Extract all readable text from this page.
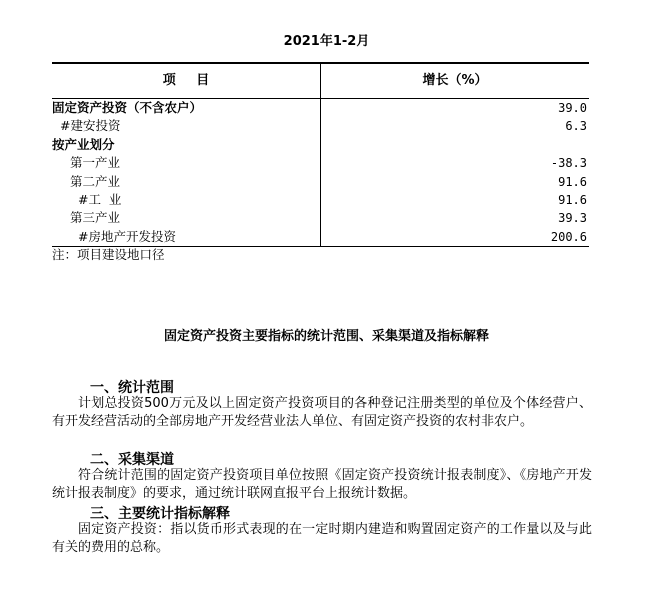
2021年1-2月
项 目	增长（%）
固定资产投资（不含农户）	39.0
#建安投资	6.3
按产业划分
第一产业	-38.3
第二产业	91.6
#工  业	91.6
第三产业	39.3
#房地产开发投资	200.6
注：项目建设地口径
固定资产投资主要指标的统计范围、采集渠道及指标解释
一、统计范围
计划总投资500万元及以上固定资产投资项目的各种登记注册类型的单位及个体经营户、有开发经营活动的全部房地产开发经营业法人单位、有固定资产投资的农村非农户。
二、采集渠道
符合统计范围的固定资产投资项目单位按照《固定资产投资统计报表制度》、《房地产开发统计报表制度》的要求，通过统计联网直报平台上报统计数据。
三、主要统计指标解释
固定资产投资：指以货币形式表现的在一定时期内建造和购置固定资产的工作量以及与此有关的费用的总称。
